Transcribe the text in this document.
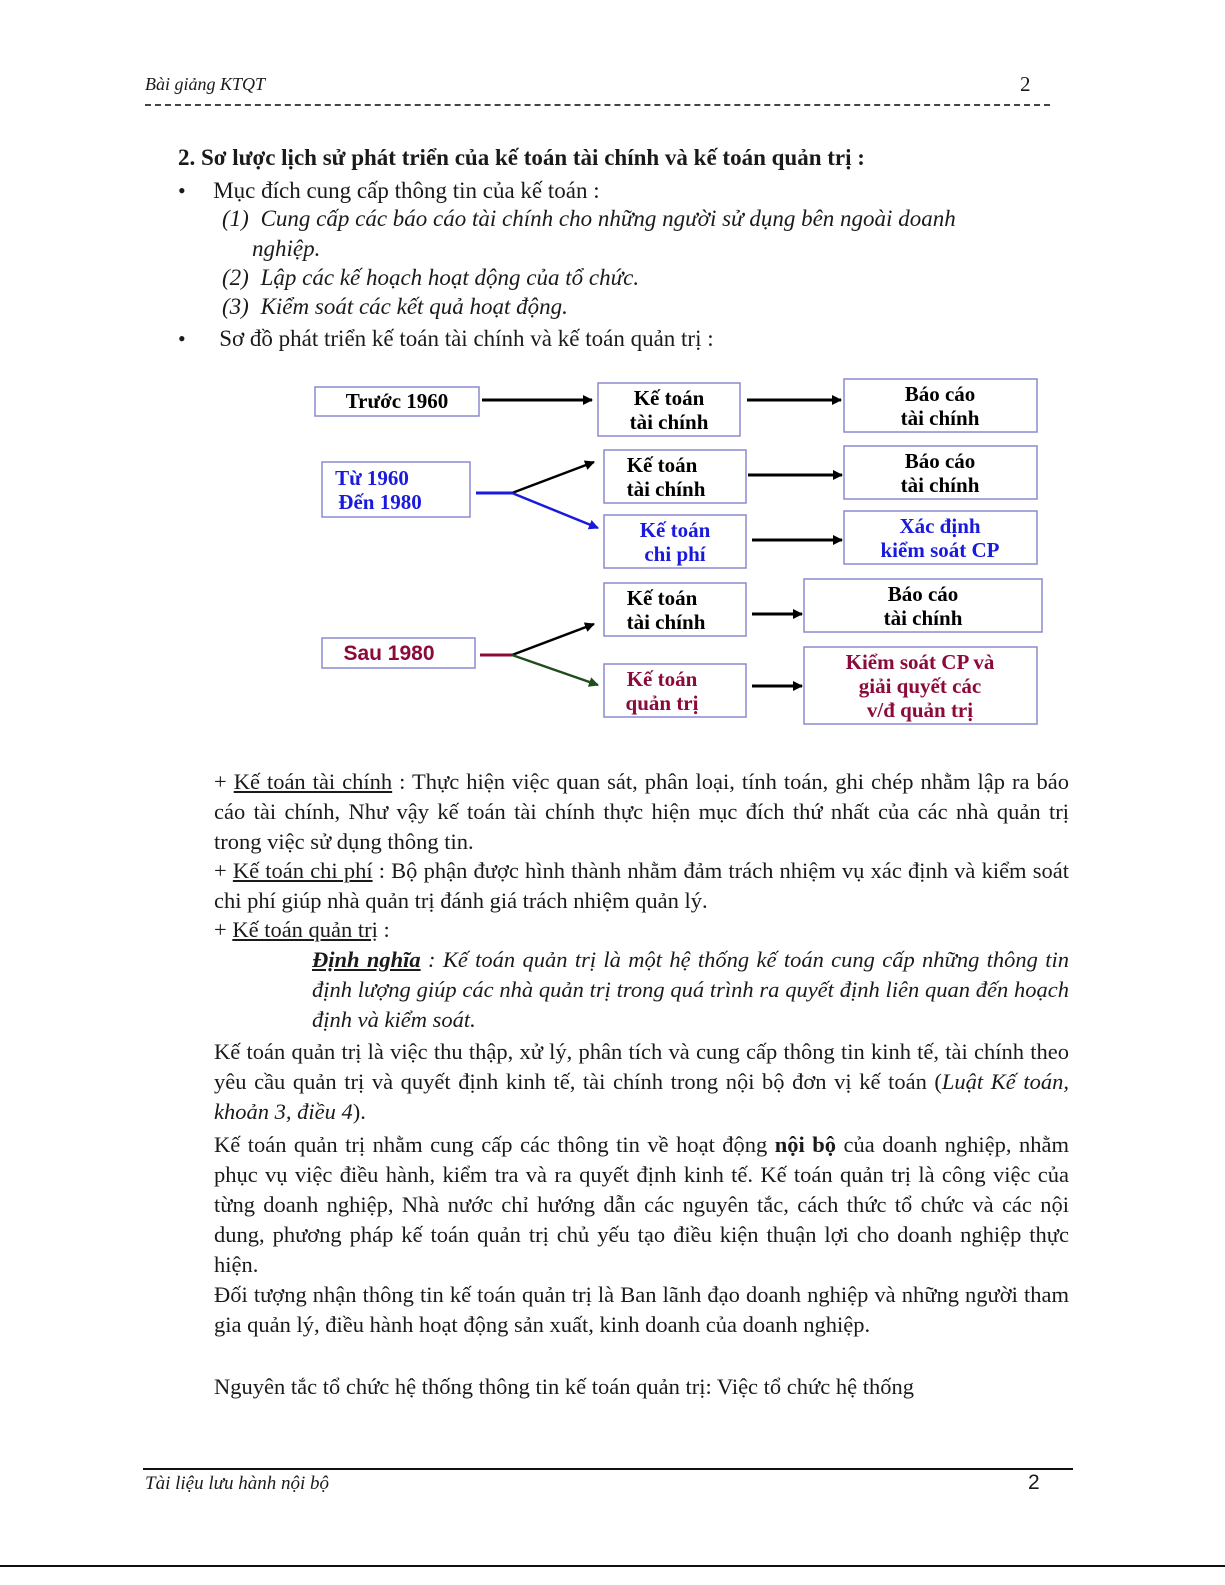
Bài giảng KTQT	2
2. Sơ lược lịch sử phát triển của kế toán tài chính và kế toán quản trị :
• Mục đích cung cấp thông tin của kế toán :
(1) Cung cấp các báo cáo tài chính cho những người sử dụng bên ngoài doanh
nghiệp.
(2) Lập các kế hoạch hoạt dộng của tổ chức.
(3) Kiểm soát các kết quả hoạt động.
• Sơ đồ phát triển kế toán tài chính và kế toán quản trị :
Trước 1960	Kế toán
tài chính
Báo cáo
tài chính
Từ 1960
Đến 1980
Kế toán
tài chính
Báo cáo
tài chính
Kế toán
chi phí
Xác định
kiểm soát CP
Sau 1980
Kế toán
tài chính
Báo cáo
tài chính
Kế toán
quản trị
Kiểm soát CP và
giải quyết các
v/đ quản trị
+ Kế toán tài chính : Thực hiện việc quan sát, phân loại, tính toán, ghi chép nhằm lập ra báo cáo tài chính, Như vậy kế toán tài chính thực hiện mục đích thứ nhất của các nhà quản trị trong việc sử dụng thông tin.
+ Kế toán chi phí : Bộ phận được hình thành nhằm đảm trách nhiệm vụ xác định và kiểm soát chi phí giúp nhà quản trị đánh giá trách nhiệm quản lý.
+ Kế toán quản trị :
Định nghĩa : Kế toán quản trị là một hệ thống kế toán cung cấp những thông tin định lượng giúp các nhà quản trị trong quá trình ra quyết định liên quan đến hoạch định và kiểm soát.
Kế toán quản trị là việc thu thập, xử lý, phân tích và cung cấp thông tin kinh tế, tài chính theo yêu cầu quản trị và quyết định kinh tế, tài chính trong nội bộ đơn vị kế toán (Luật Kế toán, khoản 3, điều 4).
Kế toán quản trị nhằm cung cấp các thông tin về hoạt động nội bộ của doanh nghiệp, nhằm phục vụ việc điều hành, kiểm tra và ra quyết định kinh tế. Kế toán quản trị là công việc của từng doanh nghiệp, Nhà nước chỉ hướng dẫn các nguyên tắc, cách thức tổ chức và các nội dung, phương pháp kế toán quản trị chủ yếu tạo điều kiện thuận lợi cho doanh nghiệp thực hiện.
Đối tượng nhận thông tin kế toán quản trị là Ban lãnh đạo doanh nghiệp và những người tham gia quản lý, điều hành hoạt động sản xuất, kinh doanh của doanh nghiệp.
Nguyên tắc tổ chức hệ thống thông tin kế toán quản trị: Việc tổ chức hệ thống
Tài liệu lưu hành nội bộ	2
